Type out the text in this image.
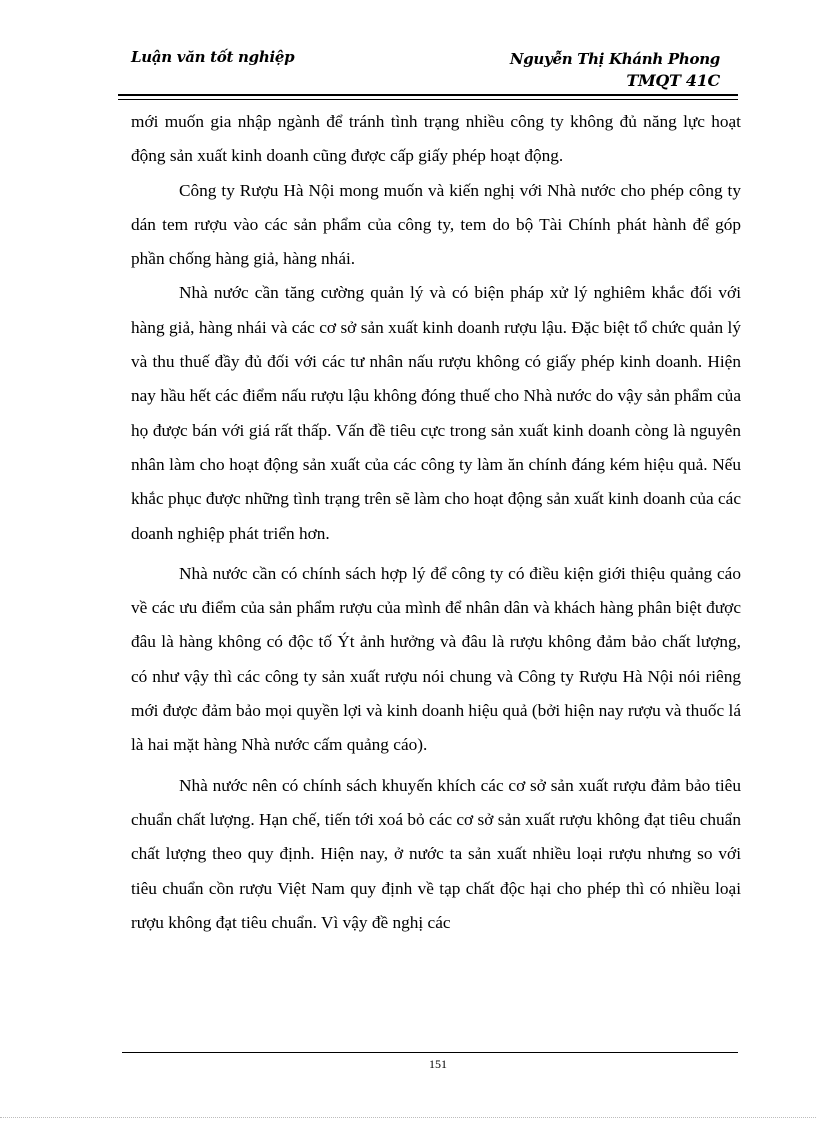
Luận văn tốt nghiệp	Nguyễn Thị Khánh Phong
TMQT 41C

mới muốn gia nhập ngành để tránh tình trạng nhiều công ty không đủ năng lực hoạt động sản xuất kinh doanh cũng được cấp giấy phép hoạt động.

Công ty Rượu Hà Nội mong muốn và kiến nghị với Nhà nước cho phép công ty dán tem rượu vào các sản phẩm của công ty, tem do bộ Tài Chính phát hành để góp phần chống hàng giả, hàng nhái.

Nhà nước cần tăng cường quản lý và có biện pháp xử lý nghiêm khắc đối với hàng giả, hàng nhái và các cơ sở sản xuất kinh doanh rượu lậu. Đặc biệt tổ chức quản lý và thu thuế đầy đủ đối với các tư nhân nấu rượu không có giấy phép kinh doanh. Hiện nay hầu hết các điểm nấu rượu lậu không đóng thuế cho Nhà nước do vậy sản phẩm của họ được bán với giá rất thấp. Vấn đề tiêu cực trong sản xuất kinh doanh còng là nguyên nhân làm cho hoạt động sản xuất của các công ty làm ăn chính đáng kém hiệu quả. Nếu khắc phục được những tình trạng trên sẽ làm cho hoạt động sản xuất kinh doanh của các doanh nghiệp phát triển hơn.

Nhà nước cần có chính sách hợp lý để công ty có điều kiện giới thiệu quảng cáo về các ưu điểm của sản phẩm rượu của mình để nhân dân và khách hàng phân biệt được đâu là hàng không có độc tố Ýt ảnh hưởng và đâu là rượu không đảm bảo chất lượng, có như vậy thì các công ty sản xuất rượu nói chung và Công ty Rượu Hà Nội nói riêng mới được đảm bảo mọi quyền lợi và kinh doanh hiệu quả (bởi hiện nay rượu và thuốc lá là hai mặt hàng Nhà nước cấm quảng cáo).

Nhà nước nên có chính sách khuyến khích các cơ sở sản xuất rượu đảm bảo tiêu chuẩn chất lượng. Hạn chế, tiến tới xoá bỏ các cơ sở sản xuất rượu không đạt tiêu chuẩn chất lượng theo quy định. Hiện nay, ở nước ta sản xuất nhiều loại rượu nhưng so với tiêu chuẩn cồn rượu Việt Nam quy định về tạp chất độc hại cho phép thì có nhiều loại rượu không đạt tiêu chuẩn. Vì vậy đề nghị các

151
